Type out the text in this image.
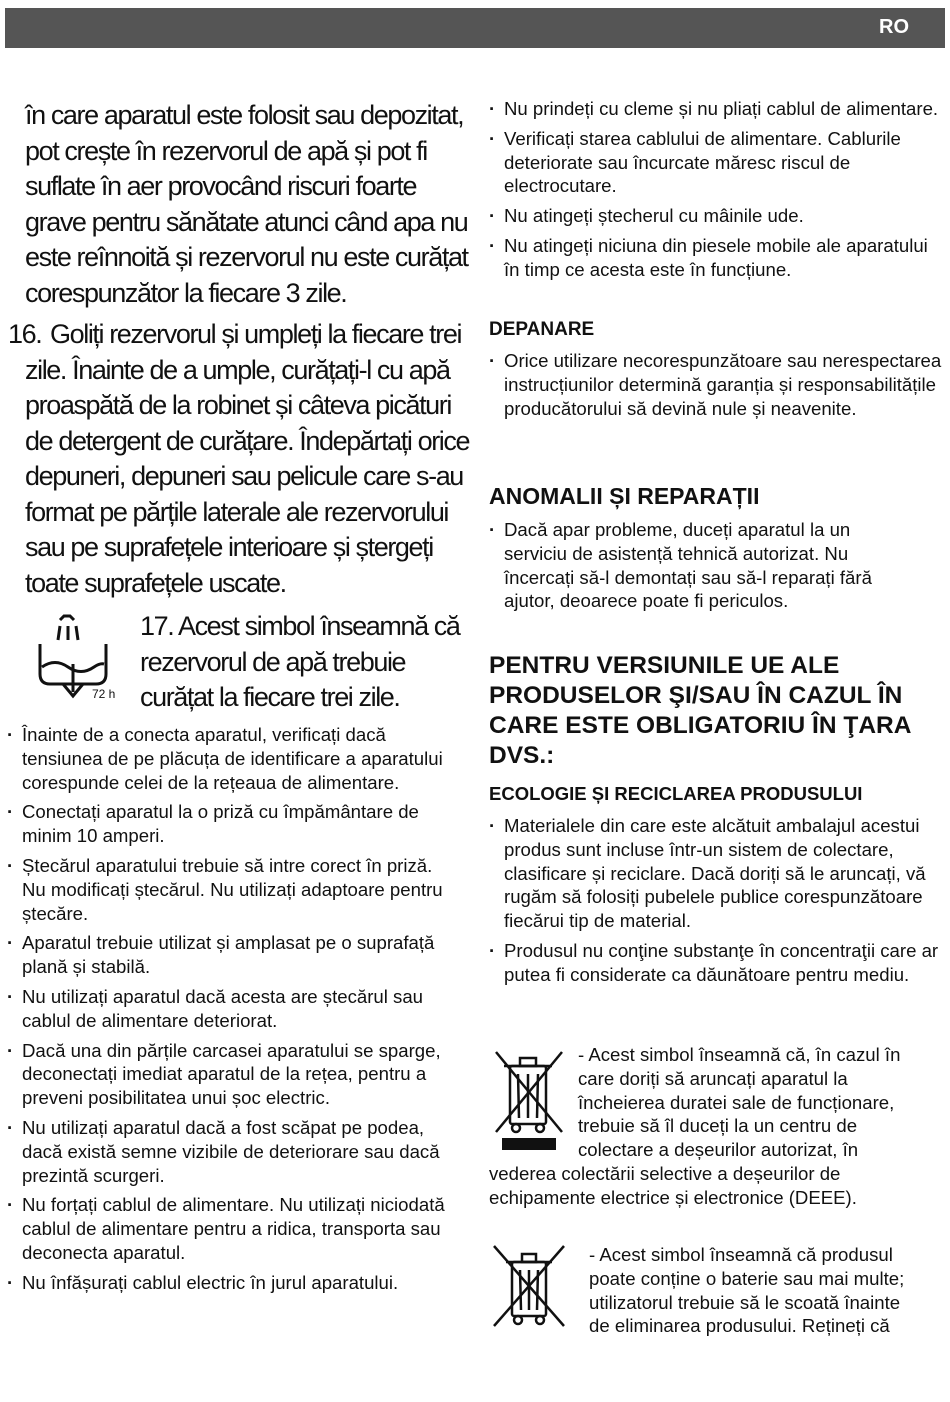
RO
în care aparatul este folosit sau depozitat, pot crește în rezervorul de apă și pot fi suflate în aer provocând riscuri foarte grave pentru sănătate atunci când apa nu este reînnoită și rezervorul nu este curățat corespunzător la fiecare 3 zile.
16. Goliți rezervorul și umpleți la fiecare trei zile. Înainte de a umple, curățați-l cu apă proaspătă de la robinet și câteva picături de detergent de curățare. Îndepărtați orice depuneri, depuneri sau pelicule care s-au format pe părțile laterale ale rezervorului sau pe suprafețele interioare și ștergeți toate suprafețele uscate.
72 h
17. Acest simbol înseamnă că rezervorul de apă trebuie curățat la fiecare trei zile.
· Înainte de a conecta aparatul, verificați dacă tensiunea de pe plăcuța de identificare a aparatului corespunde celei de la rețeaua de alimentare.
· Conectați aparatul la o priză cu împământare de minim 10 amperi.
· Ștecărul aparatului trebuie să intre corect în priză. Nu modificați ștecărul. Nu utilizați adaptoare pentru ștecăre.
· Aparatul trebuie utilizat și amplasat pe o suprafață plană și stabilă.
· Nu utilizați aparatul dacă acesta are ștecărul sau cablul de alimentare deteriorat.
· Dacă una din părțile carcasei aparatului se sparge, deconectați imediat aparatul de la rețea, pentru a preveni posibilitatea unui șoc electric.
· Nu utilizați aparatul dacă a fost scăpat pe podea, dacă există semne vizibile de deteriorare sau dacă prezintă scurgeri.
· Nu forțați cablul de alimentare. Nu utilizați niciodată cablul de alimentare pentru a ridica, transporta sau deconecta aparatul.
· Nu înfășurați cablul electric în jurul aparatului.
· Nu prindeți cu cleme și nu pliați cablul de alimentare.
· Verificați starea cablului de alimentare. Cablurile deteriorate sau încurcate măresc riscul de electrocutare.
· Nu atingeți ștecherul cu mâinile ude.
· Nu atingeți niciuna din piesele mobile ale aparatului în timp ce acesta este în funcțiune.
DEPANARE
· Orice utilizare necorespunzătoare sau nerespectarea instrucțiunilor determină garanția și responsabilitățile producătorului să devină nule și neavenite.
ANOMALII ȘI REPARAȚII
· Dacă apar probleme, duceți aparatul la un serviciu de asistență tehnică autorizat. Nu încercați să-l demontați sau să-l reparați fără ajutor, deoarece poate fi periculos.
PENTRU VERSIUNILE UE ALE PRODUSELOR ŞI/SAU ÎN CAZUL ÎN CARE ESTE OBLIGATORIU ÎN ŢARA DVS.:
ECOLOGIE ȘI RECICLAREA PRODUSULUI
· Materialele din care este alcătuit ambalajul acestui produs sunt incluse într-un sistem de colectare, clasificare și reciclare. Dacă doriți să le aruncați, vă rugăm să folosiți pubelele publice corespunzătoare fiecărui tip de material.
· Produsul nu conţine substanţe în concentraţii care ar putea fi considerate ca dăunătoare pentru mediu.
- Acest simbol înseamnă că, în cazul în
care doriți să aruncați aparatul la
încheierea duratei sale de funcționare,
trebuie să îl duceți la un centru de
colectare a deșeurilor autorizat, în
vederea colectării selective a deșeurilor de
echipamente electrice și electronice (DEEE).
- Acest simbol înseamnă că produsul
poate conține o baterie sau mai multe;
utilizatorul trebuie să le scoată înainte
de eliminarea produsului. Rețineți că
